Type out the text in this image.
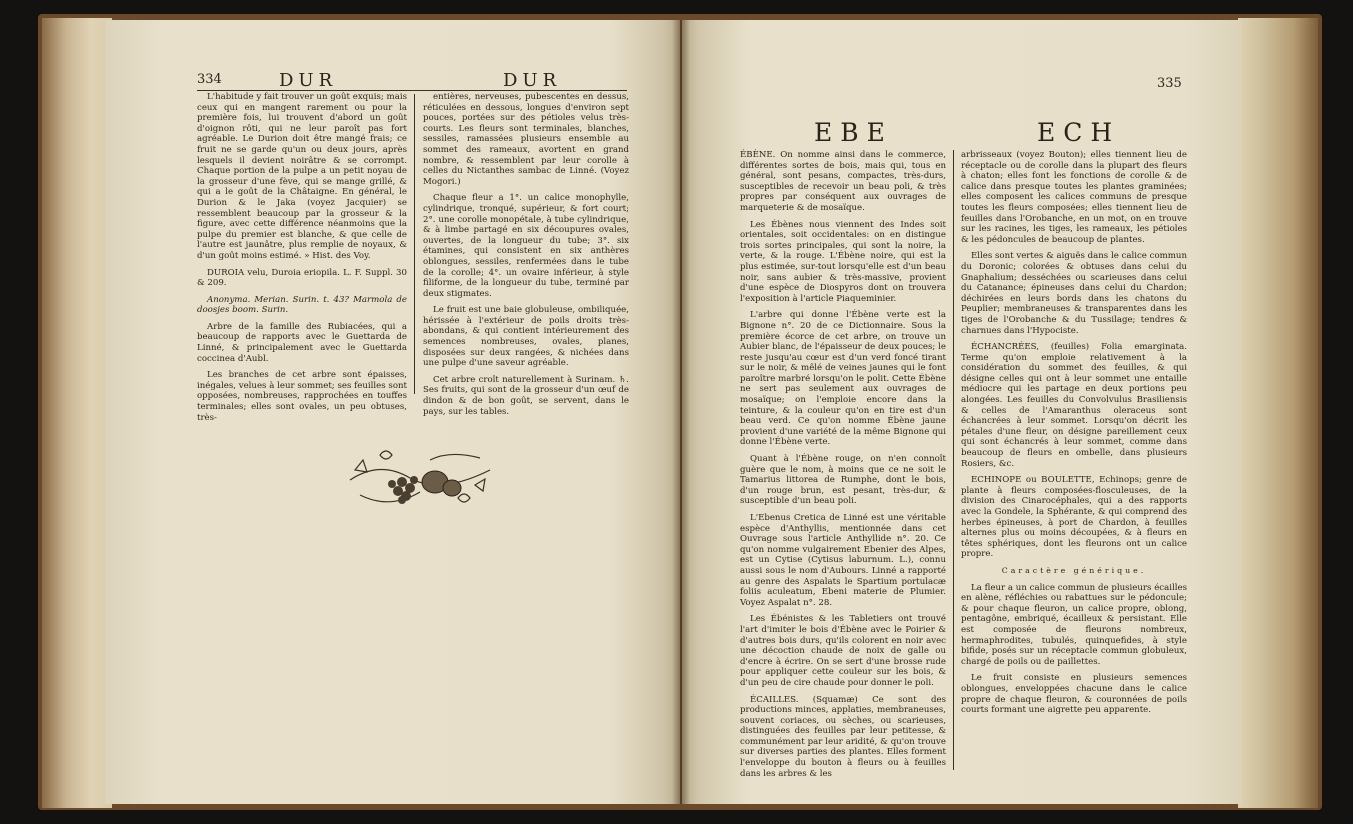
334	DUR	DUR

L'habitude y fait trouver un goût exquis; mais ceux qui en mangent rarement ou pour la première fois, lui trouvent d'abord un goût d'oignon rôti, qui ne leur paroît pas fort agréable. Le Durion doit être mangé frais; ce fruit ne se garde qu'un ou deux jours, après lesquels il devient noirâtre & se corrompt. Chaque portion de la pulpe a un petit noyau de la grosseur d'une fève, qui se mange grillé, & qui a le goût de la Châtaigne. En général, le Durion & le Jaka (voyez Jacquier) se ressemblent beaucoup par la grosseur & la figure, avec cette différence néanmoins que la pulpe du premier est blanche, & que celle de l'autre est jaunâtre, plus remplie de noyaux, & d'un goût moins estimé. » Hist. des Voy.

DUROIA velu, Duroia eriopila. L. F. Suppl. 30 & 209.

Anonyma. Merian. Surin. t. 43? Marmola de doosjes boom. Surin.

Arbre de la famille des Rubiacées, qui a beaucoup de rapports avec le Guettarda de Linné, & principalement avec le Guettarda coccinea d'Aubl.

Les branches de cet arbre sont épaisses, inégales, velues à leur sommet; ses feuilles sont opposées, nombreuses, rapprochées en touffes terminales; elles sont ovales, un peu obtuses, très-

entières, nerveuses, pubescentes en dessus, réticulées en dessous, longues d'environ sept pouces, portées sur des pétioles velus très-courts. Les fleurs sont terminales, blanches, sessiles, ramassées plusieurs ensemble au sommet des rameaux, avortent en grand nombre, & ressemblent par leur corolle à celles du Nictanthes sambac de Linné. (Voyez Mogori.)

Chaque fleur a 1°. un calice monophylle, cylindrique, tronqué, supérieur, & fort court; 2°. une corolle monopétale, à tube cylindrique, & à limbe partagé en six découpures ovales, ouvertes, de la longueur du tube; 3°. six étamines, qui consistent en six anthères oblongues, sessiles, renfermées dans le tube de la corolle; 4°. un ovaire inférieur, à style filiforme, de la longueur du tube, terminé par deux stigmates.

Le fruit est une baie globuleuse, ombiliquée, hérissée à l'extérieur de poils droits très-abondans, & qui contient intérieurement des semences nombreuses, ovales, planes, disposées sur deux rangées, & nichées dans une pulpe d'une saveur agréable.

Cet arbre croît naturellement à Surinam. ♄. Ses fruits, qui sont de la grosseur d'un œuf de dindon & de bon goût, se servent, dans le pays, sur les tables.

335
EBE	ECH

ÉBÈNE. On nomme ainsi dans le commerce, différentes sortes de bois, mais qui, tous en général, sont pesans, compactes, très-durs, susceptibles de recevoir un beau poli, & très propres par conséquent aux ouvrages de marqueterie & de mosaïque.

Les Ébènes nous viennent des Indes soit orientales, soit occidentales: on en distingue trois sortes principales, qui sont la noire, la verte, & la rouge. L'Ébène noire, qui est la plus estimée, sur-tout lorsqu'elle est d'un beau noir, sans aubier & très-massive, provient d'une espèce de Diospyros dont on trouvera l'exposition à l'article Piaqueminier.

L'arbre qui donne l'Ébène verte est la Bignone n°. 20 de ce Dictionnaire. Sous la première écorce de cet arbre, on trouve un Aubier blanc, de l'épaisseur de deux pouces; le reste jusqu'au cœur est d'un verd foncé tirant sur le noir, & mêlé de veines jaunes qui le font paroître marbré lorsqu'on le polit. Cette Ébène ne sert pas seulement aux ouvrages de mosaïque; on l'emploie encore dans la teinture, & la couleur qu'on en tire est d'un beau verd. Ce qu'on nomme Ébène jaune provient d'une variété de la même Bignone qui donne l'Ébène verte.

Quant à l'Ébène rouge, on n'en connoît guère que le nom, à moins que ce ne soit le Tamarius littorea de Rumphe, dont le bois, d'un rouge brun, est pesant, très-dur, & susceptible d'un beau poli.

L'Ebenus Cretica de Linné est une véritable espèce d'Anthyllis, mentionnée dans cet Ouvrage sous l'article Anthyllide n°. 20. Ce qu'on nomme vulgairement Ebenier des Alpes, est un Cytise (Cytisus laburnum. L.), connu aussi sous le nom d'Aubours. Linné a rapporté au genre des Aspalats le Spartium portulacæ foliis aculeatum, Ebeni materie de Plumier. Voyez Aspalat n°. 28.

Les Ébénistes & les Tabletiers ont trouvé l'art d'imiter le bois d'Ébène avec le Poirier & d'autres bois durs, qu'ils colorent en noir avec une décoction chaude de noix de galle ou d'encre à écrire. On se sert d'une brosse rude pour appliquer cette couleur sur les bois, & d'un peu de cire chaude pour donner le poli.

ÉCAILLES. (Squamæ) Ce sont des productions minces, applaties, membraneuses, souvent coriaces, ou sèches, ou scarieuses, distinguées des feuilles par leur petitesse, & communément par leur aridité, & qu'on trouve sur diverses parties des plantes. Elles forment l'enveloppe du bouton à fleurs ou à feuilles dans les arbres & les

arbrisseaux (voyez Bouton); elles tiennent lieu de réceptacle ou de corolle dans la plupart des fleurs à chaton; elles font les fonctions de corolle & de calice dans presque toutes les plantes graminées; elles composent les calices communs de presque toutes les fleurs composées; elles tiennent lieu de feuilles dans l'Orobanche, en un mot, on en trouve sur les racines, les tiges, les rameaux, les pétioles & les pédoncules de beaucoup de plantes.

Elles sont vertes & aiguës dans le calice commun du Doronic; colorées & obtuses dans celui du Gnaphalium; desséchées ou scarieuses dans celui du Catanance; épineuses dans celui du Chardon; déchirées en leurs bords dans les chatons du Peuplier; membraneuses & transparentes dans les tiges de l'Orobanche & du Tussilage; tendres & charnues dans l'Hypociste.

ÉCHANCRÉES, (feuilles) Folia emarginata. Terme qu'on emploie relativement à la considération du sommet des feuilles, & qui désigne celles qui ont à leur sommet une entaille médiocre qui les partage en deux portions peu alongées. Les feuilles du Convolvulus Brasiliensis & celles de l'Amaranthus oleraceus sont échancrées à leur sommet. Lorsqu'on décrit les pétales d'une fleur, on désigne pareillement ceux qui sont échancrés à leur sommet, comme dans beaucoup de fleurs en ombelle, dans plusieurs Rosiers, &c.

ECHINOPE ou BOULETTE, Echinops; genre de plante à fleurs composées-flosculeuses, de la division des Cinarocéphales, qui a des rapports avec la Gondele, la Sphérante, & qui comprend des herbes épineuses, à port de Chardon, à feuilles alternes plus ou moins découpées, & à fleurs en têtes sphériques, dont les fleurons ont un calice propre.

Caractère générique.

La fleur a un calice commun de plusieurs écailles en alène, réfléchies ou rabattues sur le pédoncule; & pour chaque fleuron, un calice propre, oblong, pentagône, embriqué, écailleux & persistant. Elle est composée de fleurons nombreux, hermaphrodites, tubulés, quinquefides, à style bifide, posés sur un réceptacle commun globuleux, chargé de poils ou de paillettes.

Le fruit consiste en plusieurs semences oblongues, enveloppées chacune dans le calice propre de chaque fleuron, & couronnées de poils courts formant une aigrette peu apparente.
